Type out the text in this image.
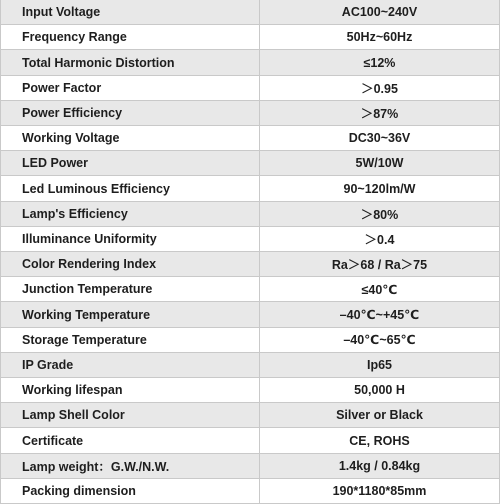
Input Voltage	AC100~240V
Frequency Range	50Hz~60Hz
Total Harmonic Distortion	≤12%
Power Factor	＞0.95
Power Efficiency	＞87%
Working Voltage	DC30~36V
LED Power	5W/10W
Led Luminous Efficiency	90~120lm/W
Lamp's Efficiency	＞80%
Illuminance Uniformity	＞0.4
Color Rendering Index	Ra＞68 / Ra＞75
Junction Temperature	≤40℃
Working Temperature	–40℃~+45℃
Storage Temperature	–40℃~65℃
IP Grade	Ip65
Working lifespan	50,000 H
Lamp Shell Color	Silver or Black
Certificate	CE, ROHS
Lamp weight：G.W./N.W.	1.4kg / 0.84kg
Packing dimension	190*1180*85mm
